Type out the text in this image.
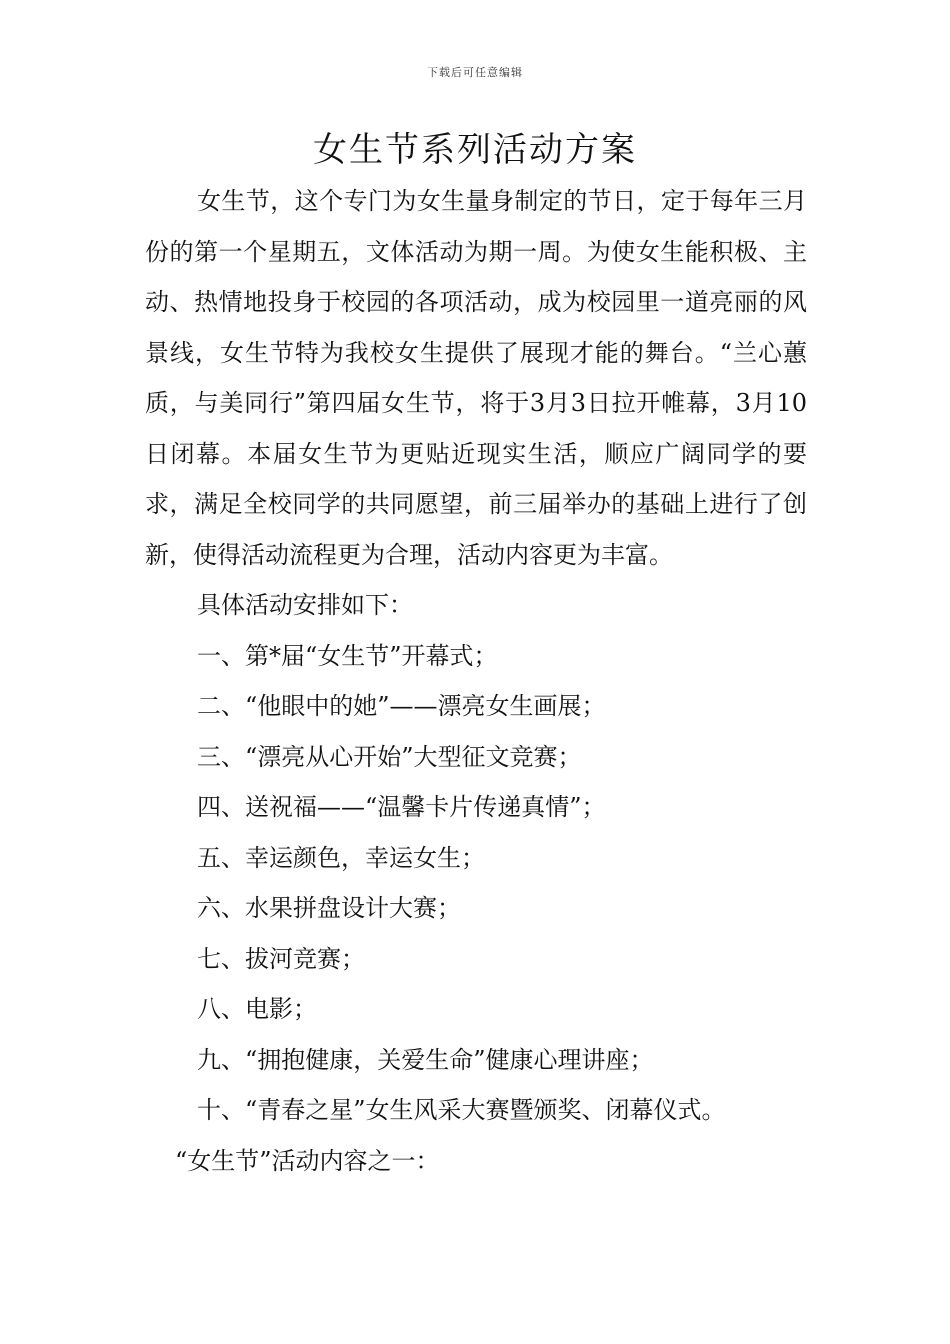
下载后可任意编辑
女生节系列活动方案

女生节，这个专门为女生量身制定的节日，定于每年三月份的第一个星期五，文体活动为期一周。为使女生能积极、主动、热情地投身于校园的各项活动，成为校园里一道亮丽的风景线，女生节特为我校女生提供了展现才能的舞台。“兰心蕙质，与美同行”第四届女生节，将于3月3日拉开帷幕，3月10日闭幕。本届女生节为更贴近现实生活，顺应广阔同学的要求，满足全校同学的共同愿望，前三届举办的基础上进行了创新，使得活动流程更为合理，活动内容更为丰富。

具体活动安排如下：

一、第*届“女生节”开幕式；

二、“他眼中的她”——漂亮女生画展；

三、“漂亮从心开始”大型征文竞赛；

四、送祝福——“温馨卡片传递真情”；

五、幸运颜色，幸运女生；

六、水果拼盘设计大赛；

七、拔河竞赛；

八、电影；

九、“拥抱健康，关爱生命”健康心理讲座；

十、“青春之星”女生风采大赛暨颁奖、闭幕仪式。

“女生节”活动内容之一：
